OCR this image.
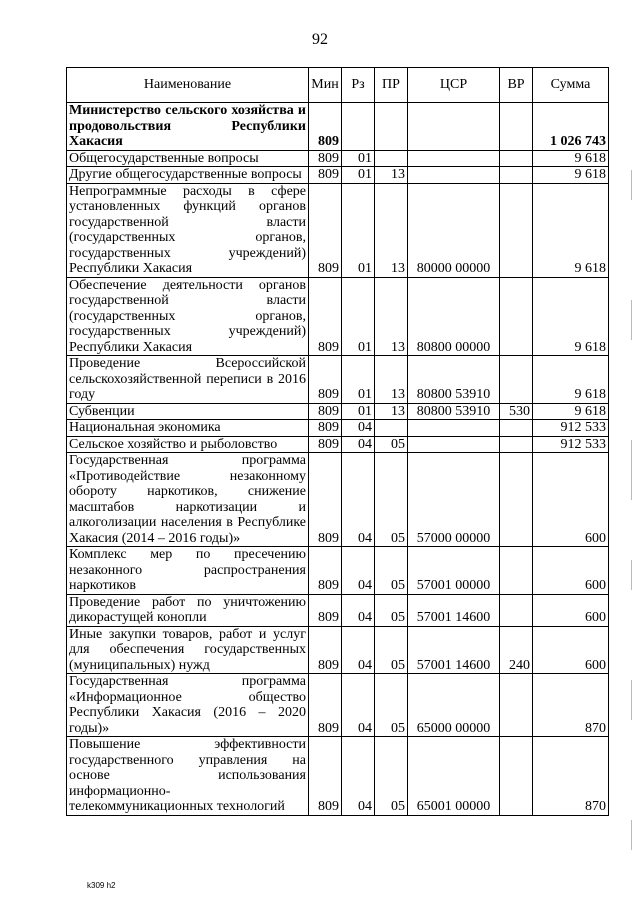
92
Наименование	Мин	Рз	ПР	ЦСР	ВР	Сумма
Министерство сельского хозяйства и продовольствия Республики Хакасия	809					1 026 743
Общегосударственные вопросы	809	01				9 618
Другие общегосударственные вопросы	809	01	13			9 618
Непрограммные расходы в сфере установленных функций органов государственной власти (государственных органов, государственных учреждений) Республики Хакасия	809	01	13	80000 00000		9 618
Обеспечение деятельности органов государственной власти (государственных органов, государственных учреждений) Республики Хакасия	809	01	13	80800 00000		9 618
Проведение Всероссийской сельскохозяйственной переписи в 2016 году	809	01	13	80800 53910		9 618
Субвенции	809	01	13	80800 53910	530	9 618
Национальная экономика	809	04				912 533
Сельское хозяйство и рыболовство	809	04	05			912 533
Государственная программа «Противодействие незаконному обороту наркотиков, снижение масштабов наркотизации и алкоголизации населения в Республике Хакасия (2014 – 2016 годы)»	809	04	05	57000 00000		600
Комплекс мер по пресечению незаконного распространения наркотиков	809	04	05	57001 00000		600
Проведение работ по уничтожению дикорастущей конопли	809	04	05	57001 14600		600
Иные закупки товаров, работ и услуг для обеспечения государственных (муниципальных) нужд	809	04	05	57001 14600	240	600
Государственная программа «Информационное общество Республики Хакасия (2016 – 2020 годы)»	809	04	05	65000 00000		870
Повышение эффективности государственного управления на основе использования информационно-телекоммуникационных технологий	809	04	05	65001 00000		870
k309 h2
